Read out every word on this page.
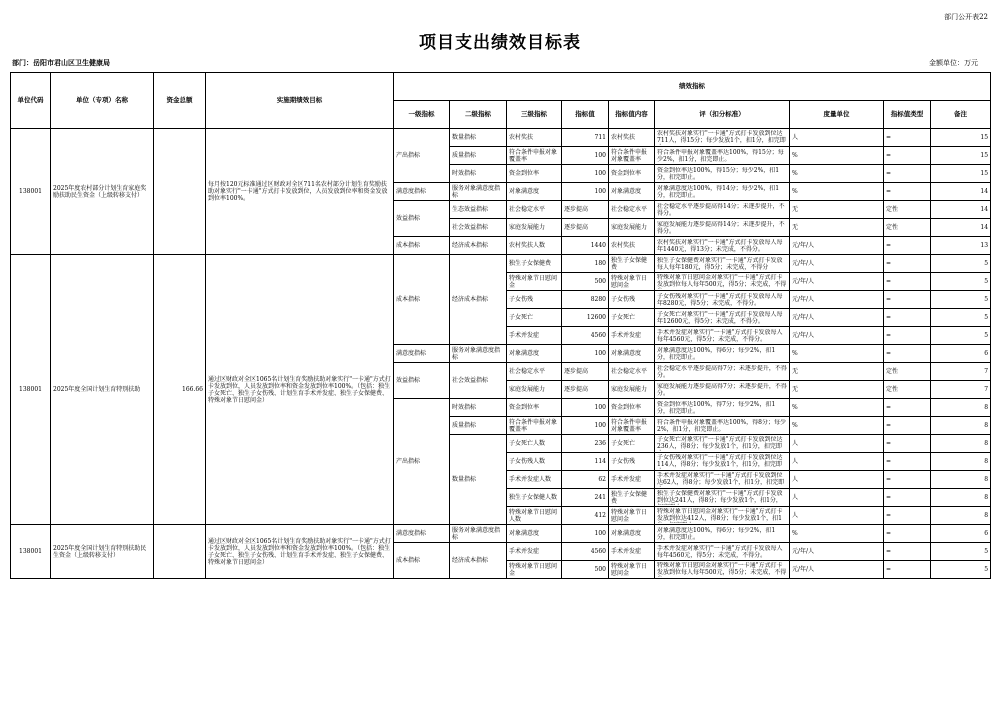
部门公开表22
项目支出绩效目标表
部门：岳阳市君山区卫生健康局	金额单位：万元
单位代码	单位（专项）名称	资金总额	实施期绩效目标	绩效指标								
				一级指标	二级指标	三级指标	指标值	指标值内容	评（扣分标准）	度量单位	指标值类型	备注
138001	2025年度农村部分计划生育家庭奖励扶助民生资金（上级转移支付）		每月按120元标准通过区财政对全区711名农村部分计划生育奖励扶助对象实行"一卡通"方式打卡发放到位，人员发放到位率和资金发放到位率100%。	产出指标	数量指标	农村奖扶	711	农村奖扶	农村奖扶对象实行"一卡通"方式打卡发放到位达711人，得15分；每少发放1个，扣1分，扣完即	人	=	15
					质量指标	符合条件申报对象覆盖率	100	符合条件申报对象覆盖率	符合条件申报对象覆盖率达100%，得15分；每少2%，扣1分，扣完即止。	%	=	15
					时效指标	资金到位率	100	资金到位率	资金到位率达100%，得15分；每少2%，扣1分，扣完即止。	%	=	15
				满意度指标	服务对象满意度指标	对象满意度	100	对象满意度	对象满意度达100%，得14分；每少2%，扣1分，扣完即止。	%	=	14
				效益指标	生态效益指标	社会稳定水平	逐步提高	社会稳定水平	社会稳定水平逐步提高得14分；未逐步提升，不得分。	无	定性	14
					社会效益指标	家庭发展能力	逐步提高	家庭发展能力	家庭发展能力逐步提高得14分；未逐步提升，不得分。	无	定性	14
				成本指标	经济成本指标	农村奖扶人数	1440	农村奖扶	农村奖扶对象实行"一卡通"方式打卡发放每人每年1440元，得13分；未完成，不得分。	元/年/人	=	13
138001	2025年度全国计划生育特别扶助	166.66	通过区财政对全区1065名计划生育奖励扶助对象实行"一卡通"方式打卡发放到位，人员发放到位率和资金发放到位率100%。（包括：独生子女死亡、独生子女伤残、计划生育手术并发症、独生子女保健费、特殊对象节日慰问金）	成本指标	经济成本指标	独生子女保健费	180	独生子女保健费	独生子女保健费对象实行"一卡通"方式打卡发放每人每年180元，得5分；未完成，不得分	元/年/人	=	5
						特殊对象节日慰问金	500	特殊对象节日慰问金	特殊对象节日慰问金对象实行"一卡通"方式打卡发放到位每人每年500元，得5分；未完成，不得	元/年/人	=	5
						子女伤残	8280	子女伤残	子女伤残对象实行"一卡通"方式打卡发放每人每年8280元，得5分；未完成，不得分。	元/年/人	=	5
						子女死亡	12600	子女死亡	子女死亡对象实行"一卡通"方式打卡发放每人每年12600元，得5分；未完成，不得分。	元/年/人	=	5
						手术并发症	4560	手术并发症	手术并发症对象实行"一卡通"方式打卡发放每人每年4560元，得5分；未完成，不得分。	元/年/人	=	5
				满意度指标	服务对象满意度指标	对象满意度	100	对象满意度	对象满意度达100%，得6分；每少2%，扣1分，扣完即止。	%	=	6
				效益指标	社会效益指标	社会稳定水平	逐步提高	社会稳定水平	社会稳定水平逐步提高得7分；未逐步提升，不得分。	无	定性	7
						家庭发展能力	逐步提高	家庭发展能力	家庭发展能力逐步提高得7分；未逐步提升，不得分。	无	定性	7
				产出指标	时效指标	资金到位率	100	资金到位率	资金到位率达100%，得7分；每少2%，扣1分，扣完即止。	%	=	8
					质量指标	符合条件申报对象覆盖率	100	符合条件申报对象覆盖率	符合条件申报对象覆盖率达100%，得8分；每少2%，扣1分，扣完即止。	%	=	8
					数量指标	子女死亡人数	236	子女死亡	子女死亡对象实行"一卡通"方式打卡发放到位达236人，得8分；每少发放1个，扣1分，扣完即	人	=	8
						子女伤残人数	114	子女伤残	子女伤残对象实行"一卡通"方式打卡发放到位达114人，得8分；每少发放1个，扣1分，扣完即	人	=	8
						手术并发症人数	62	手术并发症	手术并发症对象实行"一卡通"方式打卡发放到位达62人，得8分；每少发放1个，扣1分，扣完即	人	=	8
						独生子女保健人数	241	独生子女保健费	独生子女保健费对象实行"一卡通"方式打卡发放到位达241人，得8分；每少发放1个，扣1分，	人	=	8
						特殊对象节日慰问人数	412	特殊对象节日慰问金	特殊对象节日慰问金对象实行"一卡通"方式打卡发放到位达412人，得8分；每少发放1个，扣1	人	=	8
138001	2025年度全国计划生育特别扶助民生资金（上级转移支付）		通过区财政对全区1065名计划生育奖励扶助对象实行"一卡通"方式打卡发放到位，人员发放到位率和资金发放到位率100%。（包括：独生子女死亡、独生子女伤残、计划生育手术并发症、独生子女保健费、特殊对象节日慰问金）	满意度指标	服务对象满意度指标	对象满意度	100	对象满意度	对象满意度达100%，得6分；每少2%，扣1分，扣完即止。	%	=	6
				成本指标	经济成本指标	手术并发症	4560	手术并发症	手术并发症对象实行"一卡通"方式打卡发放每人每年4560元，得5分；未完成，不得分。	元/年/人	=	5
						特殊对象节日慰问金	500	特殊对象节日慰问金	特殊对象节日慰问金对象实行"一卡通"方式打卡发放到位每人每年500元，得5分；未完成，不得	元/年/人	=	5
